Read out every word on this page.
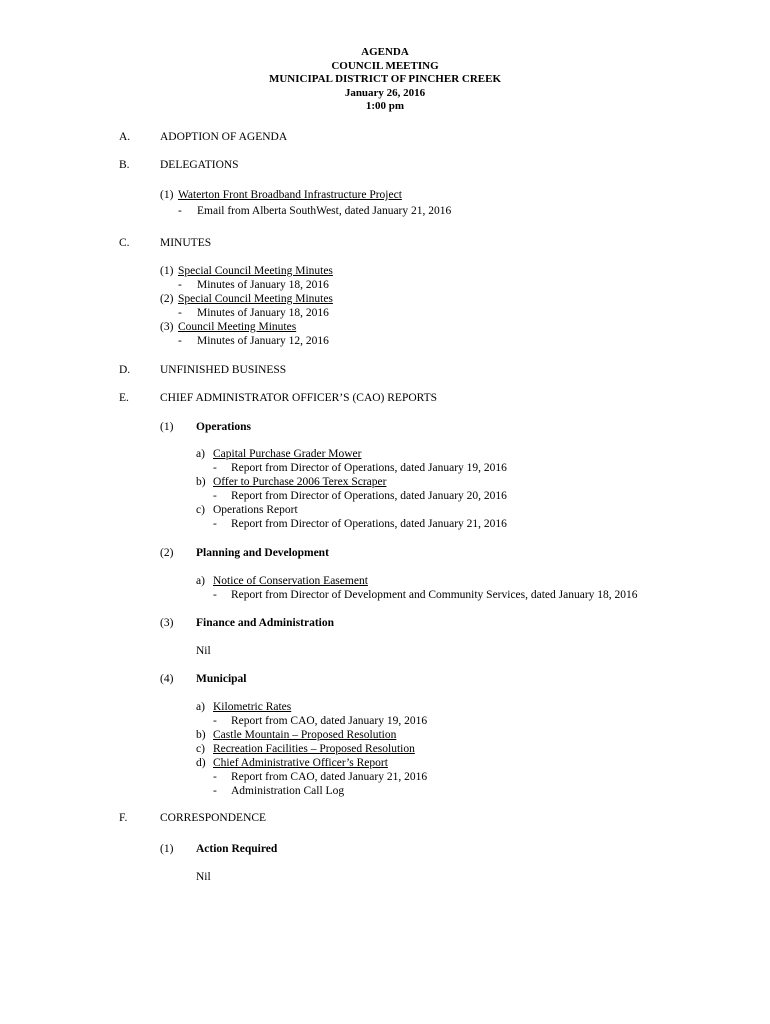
AGENDA
COUNCIL MEETING
MUNICIPAL DISTRICT OF PINCHER CREEK
January 26, 2016
1:00 pm
A.	ADOPTION OF AGENDA
B.	DELEGATIONS
(1) Waterton Front Broadband Infrastructure Project
- Email from Alberta SouthWest, dated January 21, 2016
C.	MINUTES
(1) Special Council Meeting Minutes
- Minutes of January 18, 2016
(2) Special Council Meeting Minutes
- Minutes of January 18, 2016
(3) Council Meeting Minutes
- Minutes of January 12, 2016
D.	UNFINISHED BUSINESS
E.	CHIEF ADMINISTRATOR OFFICER’S (CAO) REPORTS
(1) Operations
a) Capital Purchase Grader Mower
- Report from Director of Operations, dated January 19, 2016
b) Offer to Purchase 2006 Terex Scraper
- Report from Director of Operations, dated January 20, 2016
c) Operations Report
- Report from Director of Operations, dated January 21, 2016
(2) Planning and Development
a) Notice of Conservation Easement
- Report from Director of Development and Community Services, dated January 18, 2016
(3) Finance and Administration
Nil
(4) Municipal
a) Kilometric Rates
- Report from CAO, dated January 19, 2016
b) Castle Mountain – Proposed Resolution
c) Recreation Facilities – Proposed Resolution
d) Chief Administrative Officer’s Report
- Report from CAO, dated January 21, 2016
- Administration Call Log
F.	CORRESPONDENCE
(1) Action Required
Nil
